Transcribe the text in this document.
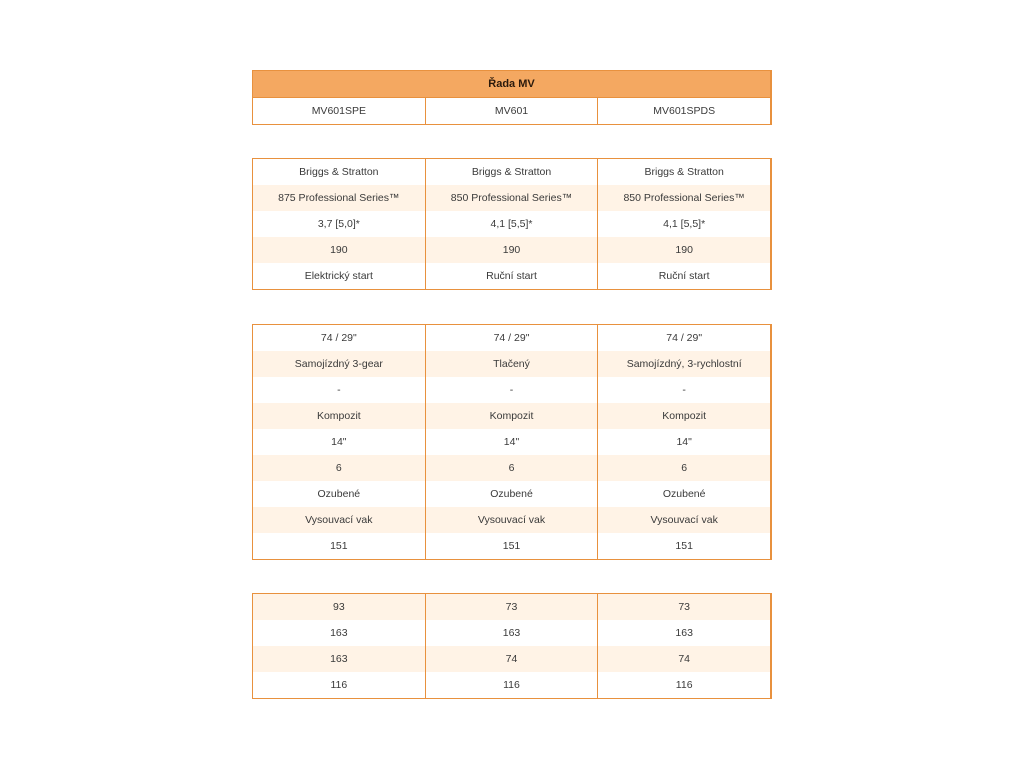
Řada MV
MV601SPE	MV601	MV601SPDS
Briggs & Stratton	Briggs & Stratton	Briggs & Stratton
875 Professional Series™	850 Professional Series™	850 Professional Series™
3,7 [5,0]*	4,1 [5,5]*	4,1 [5,5]*
190	190	190
Elektrický start	Ruční start	Ruční start
74 / 29"	74 / 29"	74 / 29"
Samojízdný 3-gear	Tlačený	Samojízdný, 3-rychlostní
-	-	-
Kompozit	Kompozit	Kompozit
14"	14"	14"
6	6	6
Ozubené	Ozubené	Ozubené
Vysouvací vak	Vysouvací vak	Vysouvací vak
151	151	151
93	73	73
163	163	163
163	74	74
116	116	116
